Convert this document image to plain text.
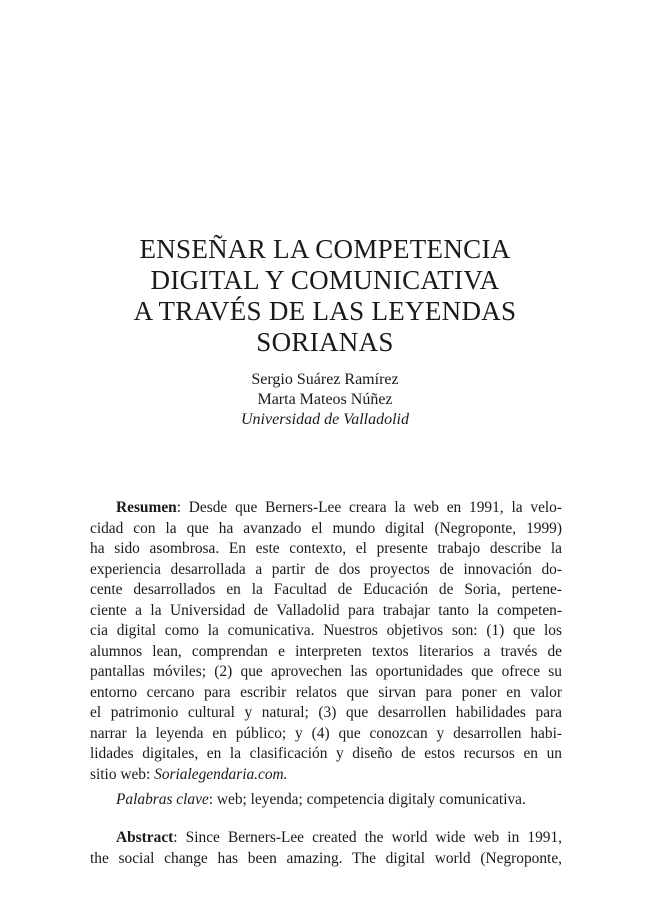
ENSEÑAR LA COMPETENCIA
DIGITAL Y COMUNICATIVA
A TRAVÉS DE LAS LEYENDAS
SORIANAS
Sergio Suárez Ramírez
Marta Mateos Núñez
Universidad de Valladolid
Resumen: Desde que Berners-Lee creara la web en 1991, la velo-
cidad con la que ha avanzado el mundo digital (Negroponte, 1999)
ha sido asombrosa. En este contexto, el presente trabajo describe la
experiencia desarrollada a partir de dos proyectos de innovación do-
cente desarrollados en la Facultad de Educación de Soria, pertene-
ciente a la Universidad de Valladolid para trabajar tanto la competen-
cia digital como la comunicativa. Nuestros objetivos son: (1) que los
alumnos lean, comprendan e interpreten textos literarios a través de
pantallas móviles; (2) que aprovechen las oportunidades que ofrece su
entorno cercano para escribir relatos que sirvan para poner en valor
el patrimonio cultural y natural; (3) que desarrollen habilidades para
narrar la leyenda en público; y (4) que conozcan y desarrollen habi-
lidades digitales, en la clasificación y diseño de estos recursos en un
sitio web: Sorialegendaria.com.
Palabras clave: web; leyenda; competencia digitaly comunicativa.
Abstract: Since Berners-Lee created the world wide web in 1991,
the social change has been amazing. The digital world (Negroponte,
